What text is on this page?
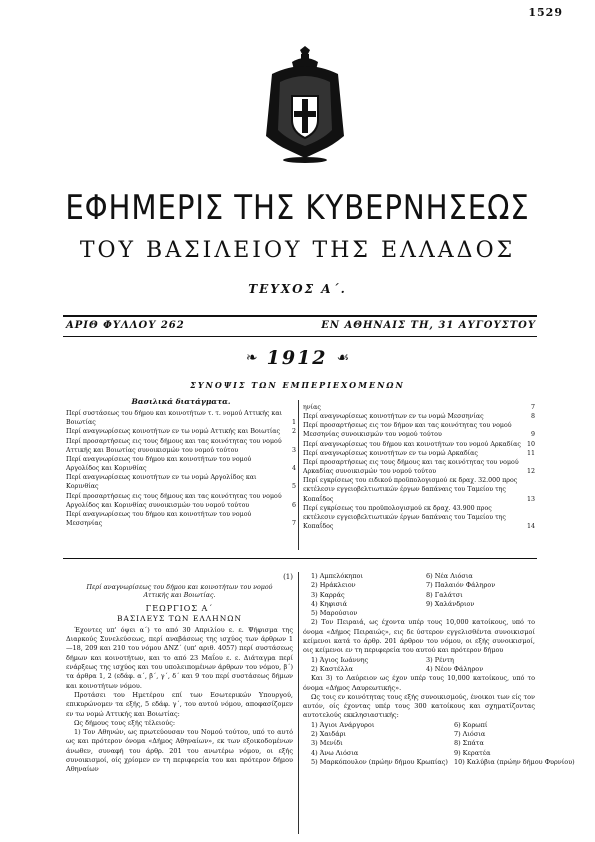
1529
ΕΦΗΜΕΡΙΣ ΤΗΣ ΚΥΒΕΡΝΗΣΕΩΣ
ΤΟΥ ΒΑΣΙΛΕΙΟΥ ΤΗΣ ΕΛΛΑΔΟΣ
ΤΕΥΧΟΣ Α΄.
ΑΡΙΘ ΦΥΛΛΟΥ 262	ΕΝ ΑΘΗΝΑΙΣ ΤΗ, 31 ΑΥΓΟΥΣΤΟΥ
❧ 1912 ☙
ΣΥΝΟΨΙΣ ΤΩΝ ΕΜΠΕΡΙΕΧΟΜΕΝΩΝ
Βασιλικά διατάγματα.
Περί συστάσεως του δήμου και κοινοτήτων τ. τ. νομού Αττικής και Βοιωτίας	1
Περί αναγνωρίσεως κοινοτήτων εν τω νομώ Αττικής και Βοιωτίας 2
Περί προσαρτήσεως εις τους δήμους και τας κοινότητας του νομού Αττικής και Βοιωτίας συνοικισμών του νομού τούτου	3
Περί αναγνωρίσεως του δήμου και κοινοτήτων του νομού Αργολίδος και Κορινθίας	4
Περί αναγνωρίσεως κοινοτήτων εν τω νομώ Αργολίδος και Κορινθίας	5
Περί προσαρτήσεως εις τους δήμους και τας κοινότητας του νομού Αργολίδος και Κορινθίας συνοικισμών του νομού τούτου	6
Περί αναγνωρίσεως του δήμου και κοινοτήτων του νομού Μεσσηνίας	7
ηνίας	7
Περί αναγνωρίσεως κοινοτήτων εν τω νομώ Μεσσηνίας	8
Περί προσαρτήσεως εις τον δήμον και τας κοινότητας του νομού Μεσσηνίας συνοικισμών του νομού τούτου	9
Περί αναγνωρίσεως του δήμου και κοινοτήτων του νομού Αρκαδίας 10
Περί αναγνωρίσεως κοινοτήτων εν τω νομώ Αρκαδίας	11
Περί προσαρτήσεως εις τους δήμους και τας κοινότητας του νομού Αρκαδίας συνοικισμών του νομού τούτου	12
Περί εγκρίσεως του ειδικού προϋπολογισμού εκ δραχ. 32.000 προς εκτέλεσιν εγγειοβελτιωτικών έργων δαπάναις του Ταμείου της Κοπαΐδος	13
Περί εγκρίσεως του προϋπολογισμού εκ δραχ. 43.900 προς εκτέλεσιν εγγειοβελτιωτικών έργων δαπάναις του Ταμείου της Κοπαΐδος	14
(1)
Περί αναγνωρίσεως του δήμου και κοινοτήτων του νομού Αττικής και Βοιωτίας.
ΓΕΩΡΓΙΟΣ Α΄
ΒΑΣΙΛΕΥΣ ΤΩΝ ΕΛΛΗΝΩΝ
Έχοντες υπ' όψει α΄) το από 30 Απριλίου ε. ε. Ψήφισμα της Διαρκούς Συνελεύσεως, περί αναβάσεως της ισχύος των άρθρων 1—18, 209 και 210 του νόμου ΔΝΖ΄ (υπ' αριθ. 4057) περί συστάσεως δήμων και κοινοτήτων, και το από 23 Μαΐου ε. ε. Διάταγμα περί ενάρξεως της ισχύος και του υπολειπομένων άρθρων του νόμου, β΄) τα άρθρα 1, 2 (εδάφ. α΄, β΄, γ΄, δ΄ και 9 του περί συστάσεως δήμων και κοινοτήτων νόμου.
Προτάσει του Ημετέρου επί των Εσωτερικών Υπουργού, επικυρώνομεν τα εξής, 5 εδάφ. γ΄, του αυτού νόμου, αποφασίζομεν εν τω νομώ Αττικής και Βοιωτίας:
Ως δήμους τους εξής τέλειούς:
1) Τον Αθηνών, ως πρωτεύουσαν του Νομού τούτου, υπό το αυτό ως και πρότερον όνομα «Δήμος Αθηναίων», εκ των εξοικοδομένων άνωθεν, συναφή του άρθρ. 201 του ανωτέρω νόμου, οι εξής συνοικισμοί, οίς χρίομεν εν τη περιφερεία του και πρότερον δήμου Αθηναίων
1) Αμπελόκηποι	6) Νέα Λιόσια
2) Ηράκλειον	7) Παλαιόν Φάληρον
3) Καρράς	8) Γαλάτσι
4) Κηφισιά	9) Χαλάνδριον
5) Μαρούσιον
2) Τον Πειραιά, ως έχοντα υπέρ τους 10,000 κατοίκους, υπό το όνομα «Δήμος Πειραιώς», εις δε ύστερον εγγελισθέντα συνοικισμοί κείμενοι κατά το άρθρ. 201 άρθρον του νόμου, οι εξής συνοικισμοί, οις κείμενοι εν τη περιφερεία του αυτού και πρότερον δήμου
1) Άγιος Ιωάννης	3) Ρέντη
2) Καστέλλα	4) Νέον Φάληρον
Και 3) το Λαύρειον ως έχον υπέρ τους 10,000 κατοίκους, υπό το όνομα «Δήμος Λαυρεωτικής».
Ως τοις εν κοινότητας τους εξής συνοικισμούς, ένοικοι των είς τον αυτόν, οίς έχοντας υπέρ τους 300 κατοίκους και σχηματίζοντας αυτοτελούς εκκλησιαστικής:
1) Άγιοι Ανάργυροι	6) Κορωπί
2) Χαιδάρι	7) Λιόσια
3) Μενίδι	8) Σπάτα
4) Άνω Λιόσια	9) Κερατέα
5) Μαρκόπουλον (πρώην δήμου Κρωπίας) 10) Καλύβια (πρώην δήμου Φυρνίου)
